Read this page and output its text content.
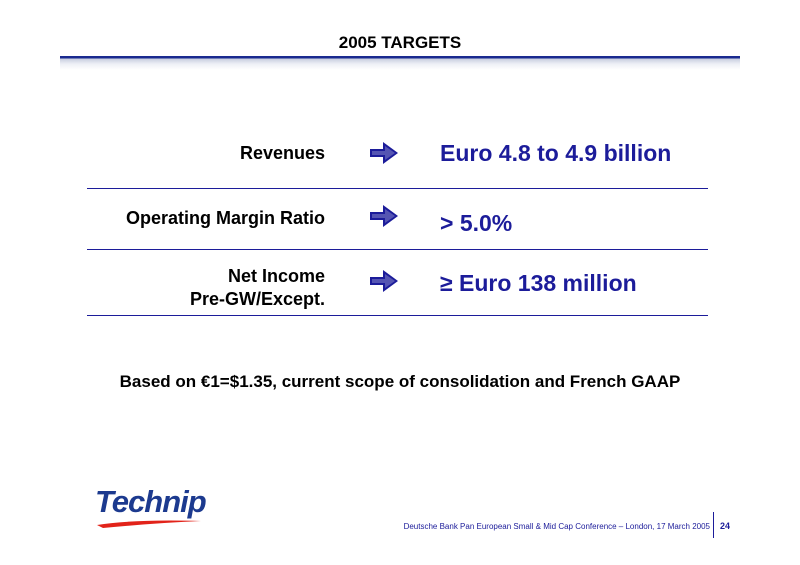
2005 TARGETS
Revenues	Euro 4.8 to 4.9 billion
Operating Margin Ratio	> 5.0%
Net Income
Pre-GW/Except.
≥ Euro 138 million
Based on €1=$1.35, current scope of consolidation and French GAAP
Technip
Deutsche Bank Pan European Small & Mid Cap Conference – London, 17 March 2005 24
